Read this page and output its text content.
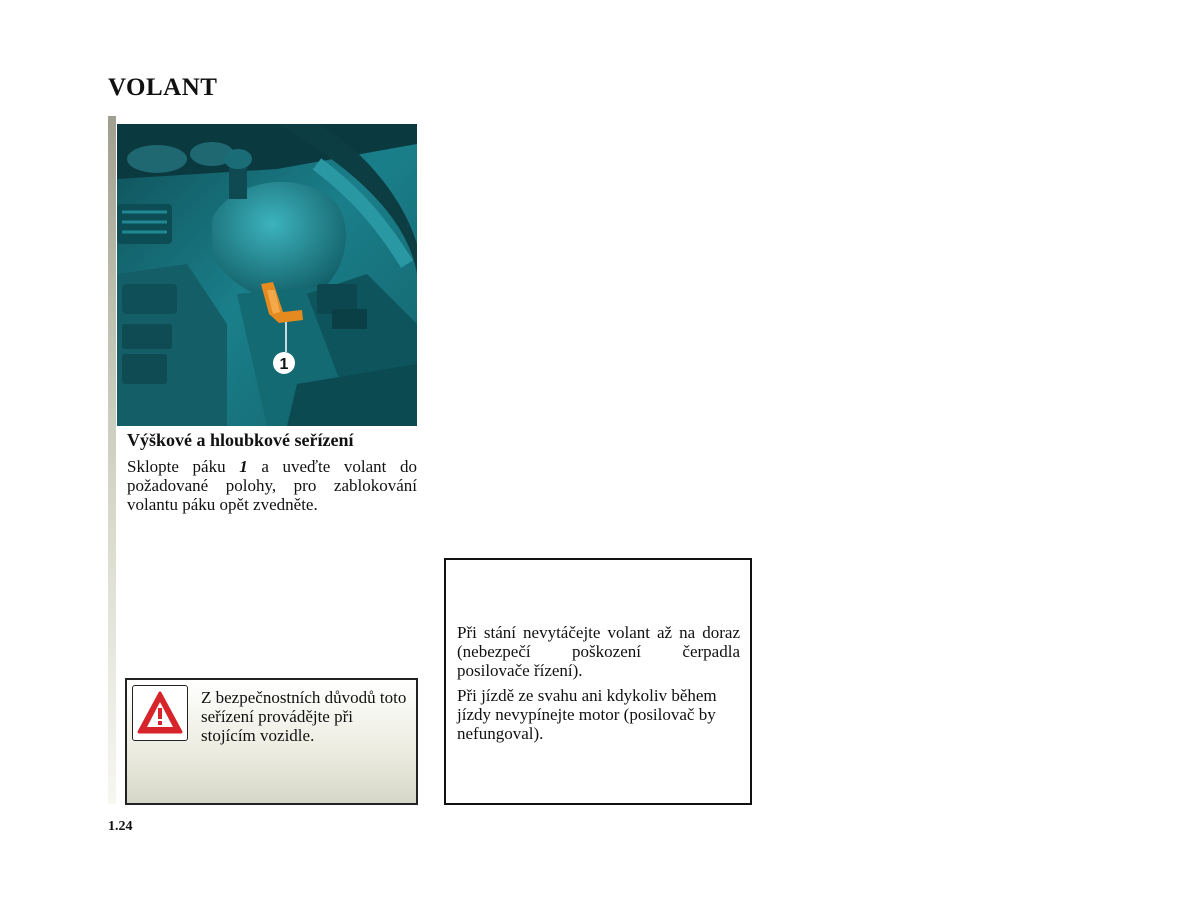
VOLANT
1
Výškové a hloubkové seřízení

Sklopte páku 1 a uveďte volant do požadované polohy, pro zablokování volantu páku opět zvedněte.

Z bezpečnostních důvodů toto seřízení provádějte při stojícím vozidle.

Při stání nevytáčejte volant až na doraz (nebezpečí poškození čerpadla posilovače řízení).

Při jízdě ze svahu ani kdykoliv během jízdy nevypínejte motor (posilovač by nefungoval).

1.24
